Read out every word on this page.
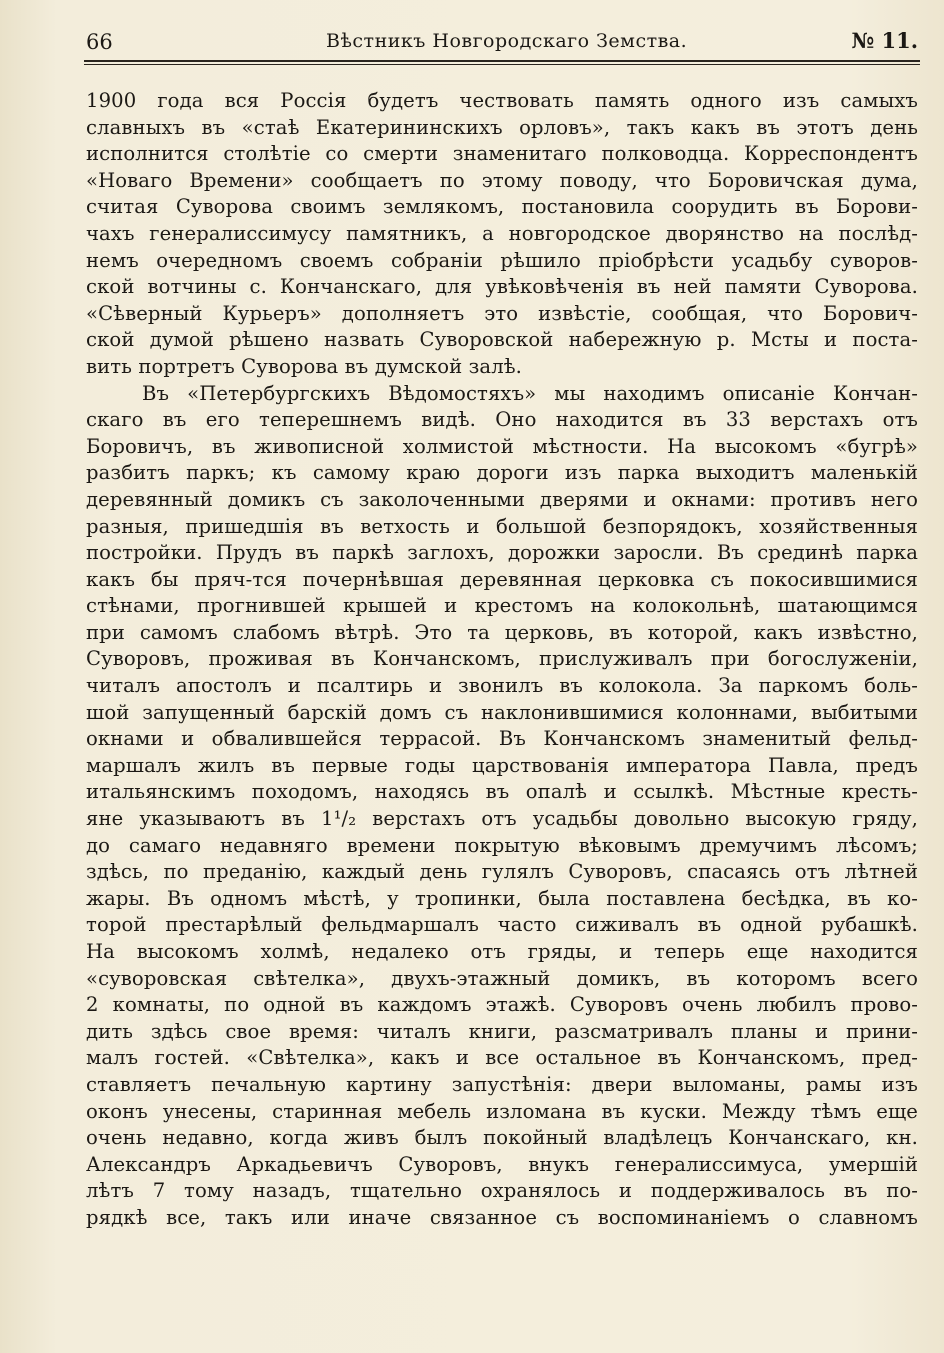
66	Вѣстникъ Новгородскаго Земства.	№ 11.
1900 года вся Россія будетъ чествовать память одного изъ самыхъ
славныхъ въ «стаѣ Екатерининскихъ орловъ», такъ какъ въ этотъ день
исполнится столѣтіе со смерти знаменитаго полководца. Корреспондентъ
«Новаго Времени» сообщаетъ по этому поводу, что Боровичская дума,
считая Суворова своимъ землякомъ, постановила соорудить въ Борови-
чахъ генералиссимусу памятникъ, а новгородское дворянство на послѣд-
немъ очередномъ своемъ собраніи рѣшило пріобрѣсти усадьбу суворов-
ской вотчины с. Кончанскаго, для увѣковѣченія въ ней памяти Суворова.
«Сѣверный Курьеръ» дополняетъ это извѣстіе, сообщая, что Борович-
ской думой рѣшено назвать Суворовской набережную р. Мсты и поста-
вить портретъ Суворова въ думской залѣ.
Въ «Петербургскихъ Вѣдомостяхъ» мы находимъ описаніе Кончан-
скаго въ его теперешнемъ видѣ. Оно находится въ 33 верстахъ отъ
Боровичъ, въ живописной холмистой мѣстности. На высокомъ «бугрѣ»
разбитъ паркъ; къ самому краю дороги изъ парка выходитъ маленькій
деревянный домикъ съ заколоченными дверями и окнами: противъ него
разныя, пришедшія въ ветхость и большой безпорядокъ, хозяйственныя
постройки. Прудъ въ паркѣ заглохъ, дорожки заросли. Въ срединѣ парка
какъ бы пряч-тся почернѣвшая деревянная церковка съ покосившимися
стѣнами, прогнившей крышей и крестомъ на колокольнѣ, шатающимся
при самомъ слабомъ вѣтрѣ. Это та церковь, въ которой, какъ извѣстно,
Суворовъ, проживая въ Кончанскомъ, прислуживалъ при богослуженіи,
читалъ апостолъ и псалтирь и звонилъ въ колокола. За паркомъ боль-
шой запущенный барскій домъ съ наклонившимися колоннами, выбитыми
окнами и обвалившейся террасой. Въ Кончанскомъ знаменитый фельд-
маршалъ жилъ въ первые годы царствованія императора Павла, предъ
итальянскимъ походомъ, находясь въ опалѣ и ссылкѣ. Мѣстные кресть-
яне указываютъ въ 1¹/₂ верстахъ отъ усадьбы довольно высокую гряду,
до самаго недавняго времени покрытую вѣковымъ дремучимъ лѣсомъ;
здѣсь, по преданію, каждый день гулялъ Суворовъ, спасаясь отъ лѣтней
жары. Въ одномъ мѣстѣ, у тропинки, была поставлена бесѣдка, въ ко-
торой престарѣлый фельдмаршалъ часто сиживалъ въ одной рубашкѣ.
На высокомъ холмѣ, недалеко отъ гряды, и теперь еще находится
«суворовская свѣтелка», двухъ-этажный домикъ, въ которомъ всего
2 комнаты, по одной въ каждомъ этажѣ. Суворовъ очень любилъ прово-
дить здѣсь свое время: читалъ книги, разсматривалъ планы и прини-
малъ гостей. «Свѣтелка», какъ и все остальное въ Кончанскомъ, пред-
ставляетъ печальную картину запустѣнія: двери выломаны, рамы изъ
оконъ унесены, старинная мебель изломана въ куски. Между тѣмъ еще
очень недавно, когда живъ былъ покойный владѣлецъ Кончанскаго, кн.
Александръ Аркадьевичъ Суворовъ, внукъ генералиссимуса, умершій
лѣтъ 7 тому назадъ, тщательно охранялось и поддерживалось въ по-
рядкѣ все, такъ или иначе связанное съ воспоминаніемъ о славномъ
